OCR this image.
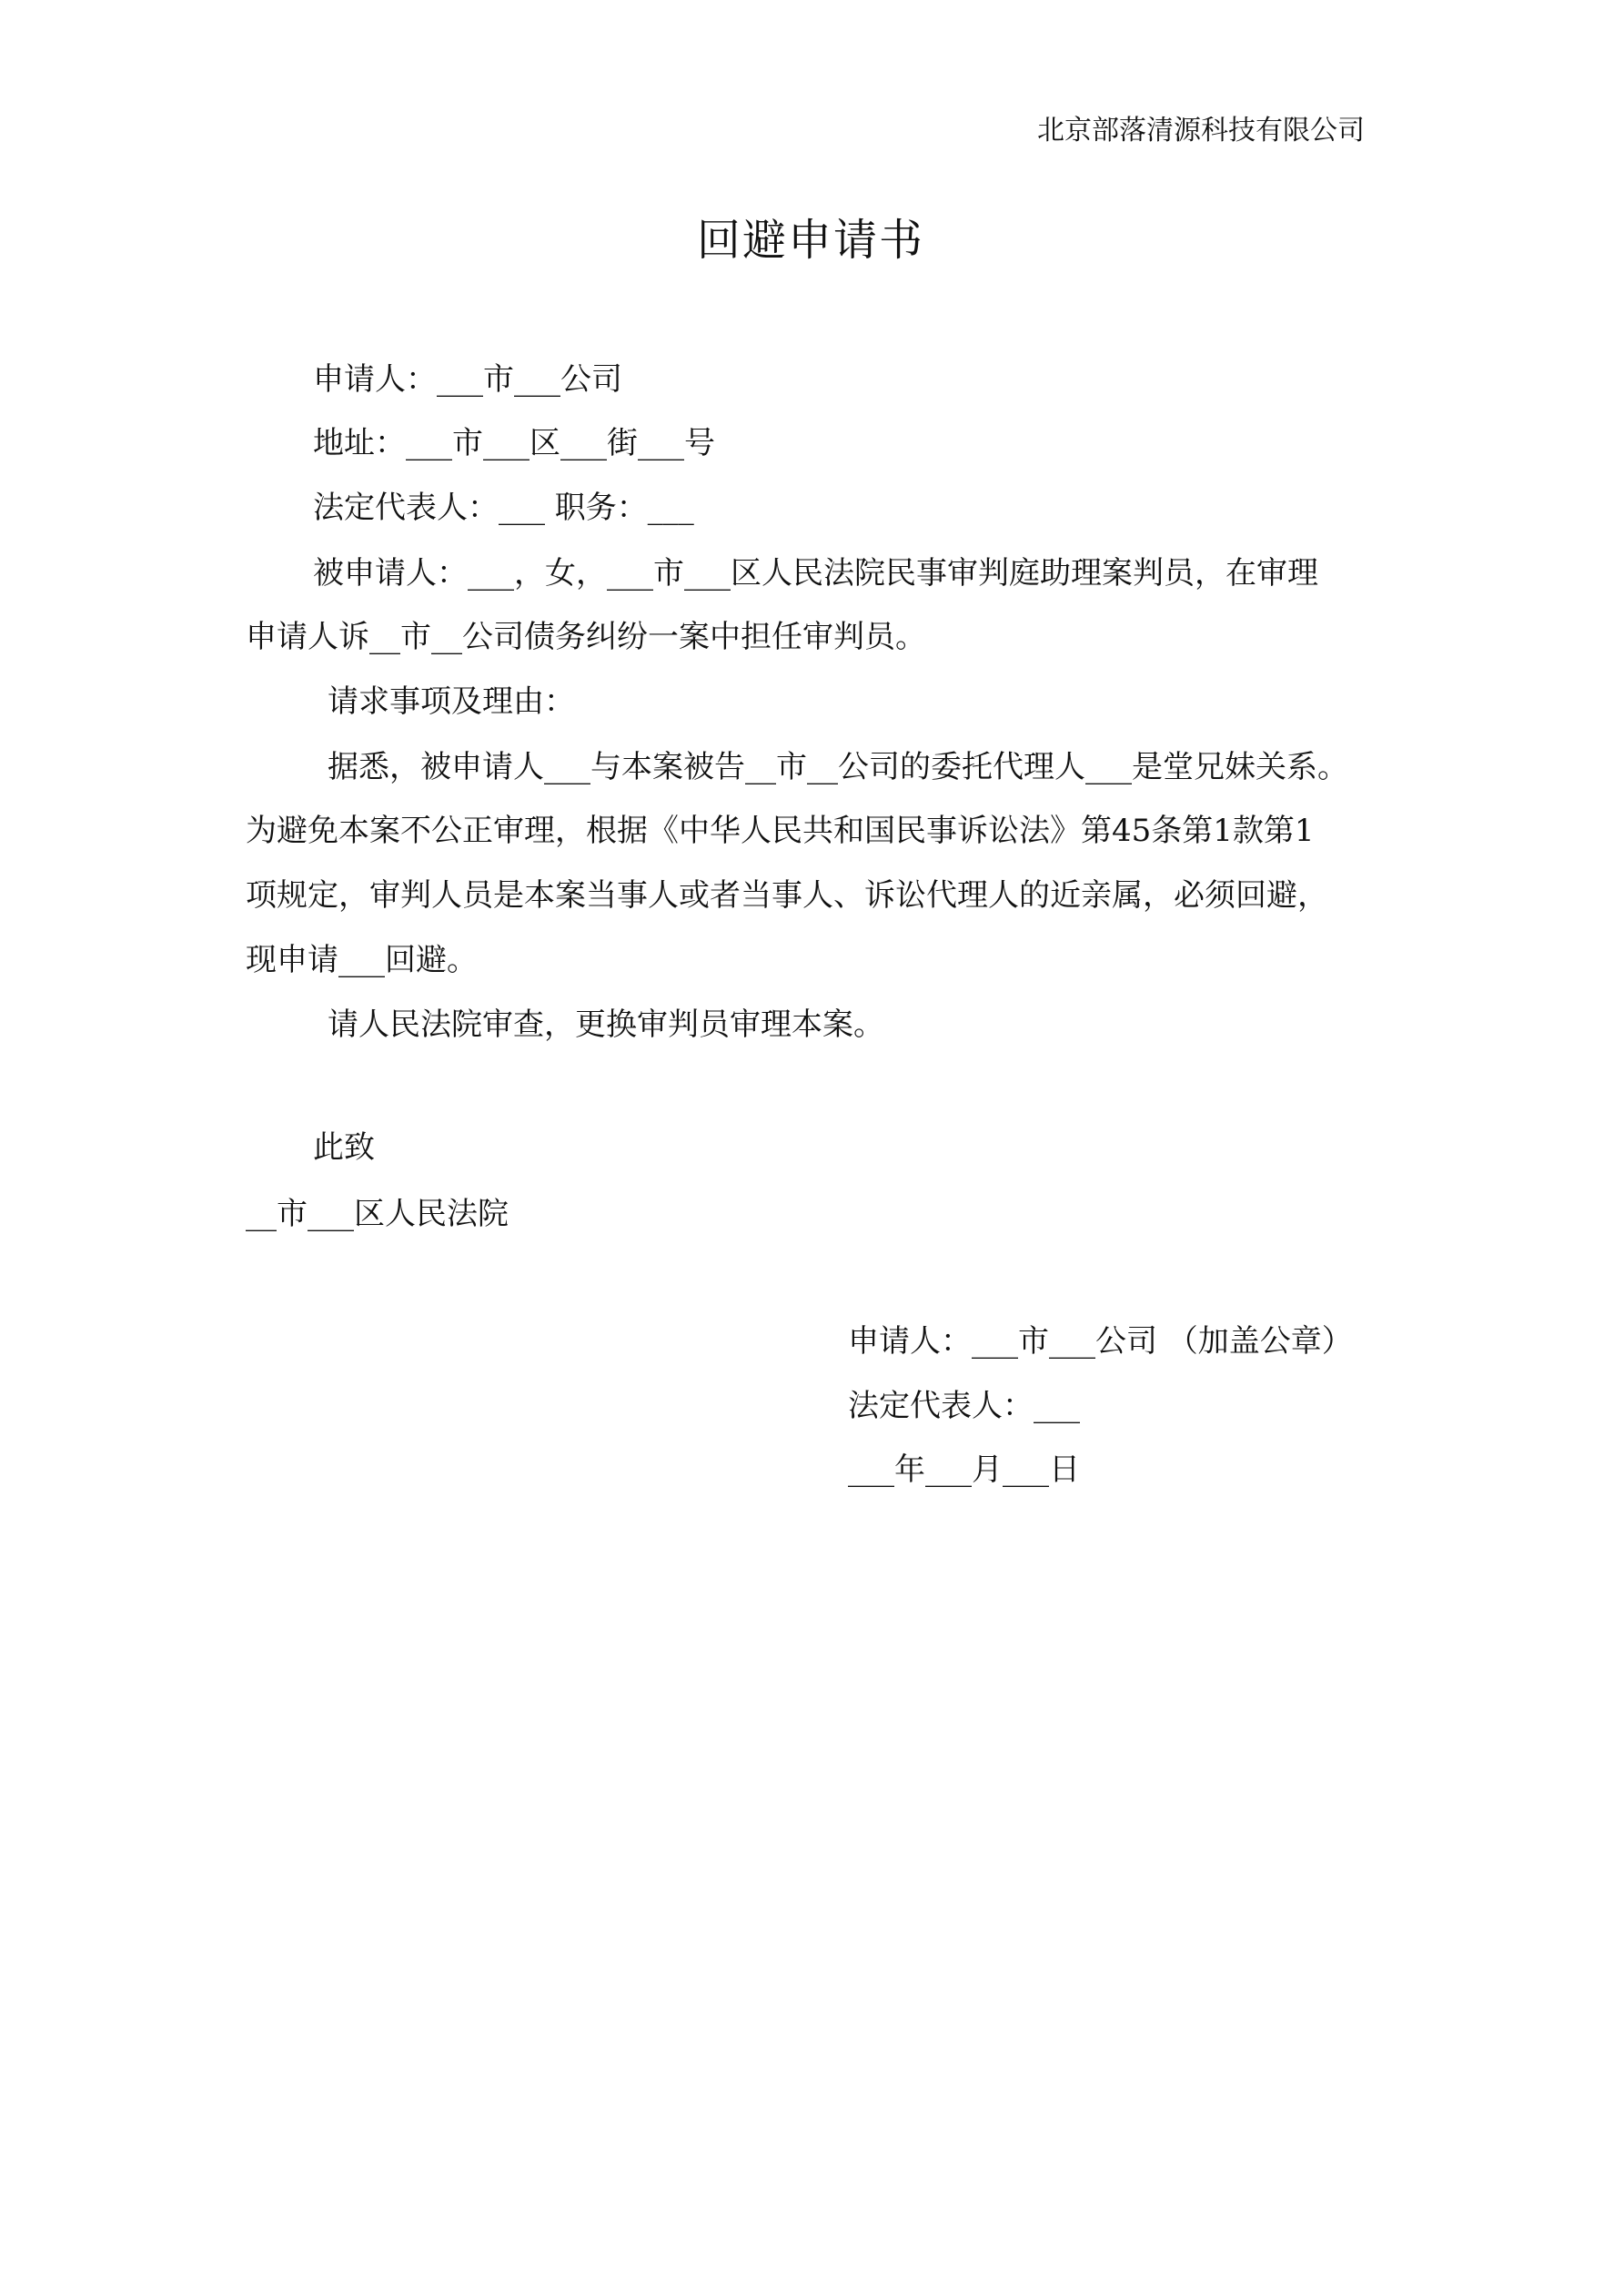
北京部落清源科技有限公司
回避申请书
申请人：___市___公司
地址：___市___区___街___号
法定代表人：___ 职务：___
被申请人：___，女，___市___区人民法院民事审判庭助理案判员，在审理
申请人诉__市__公司债务纠纷一案中担任审判员。
请求事项及理由：
据悉，被申请人___与本案被告__市__公司的委托代理人___是堂兄妹关系。
为避免本案不公正审理，根据《中华人民共和国民事诉讼法》第45条第1款第1
项规定，审判人员是本案当事人或者当事人、诉讼代理人的近亲属，必须回避，
现申请___回避。
请人民法院审查，更换审判员审理本案。
此致
__市___区人民法院
申请人：___市___公司 （加盖公章）
法定代表人：___
___年___月___日
